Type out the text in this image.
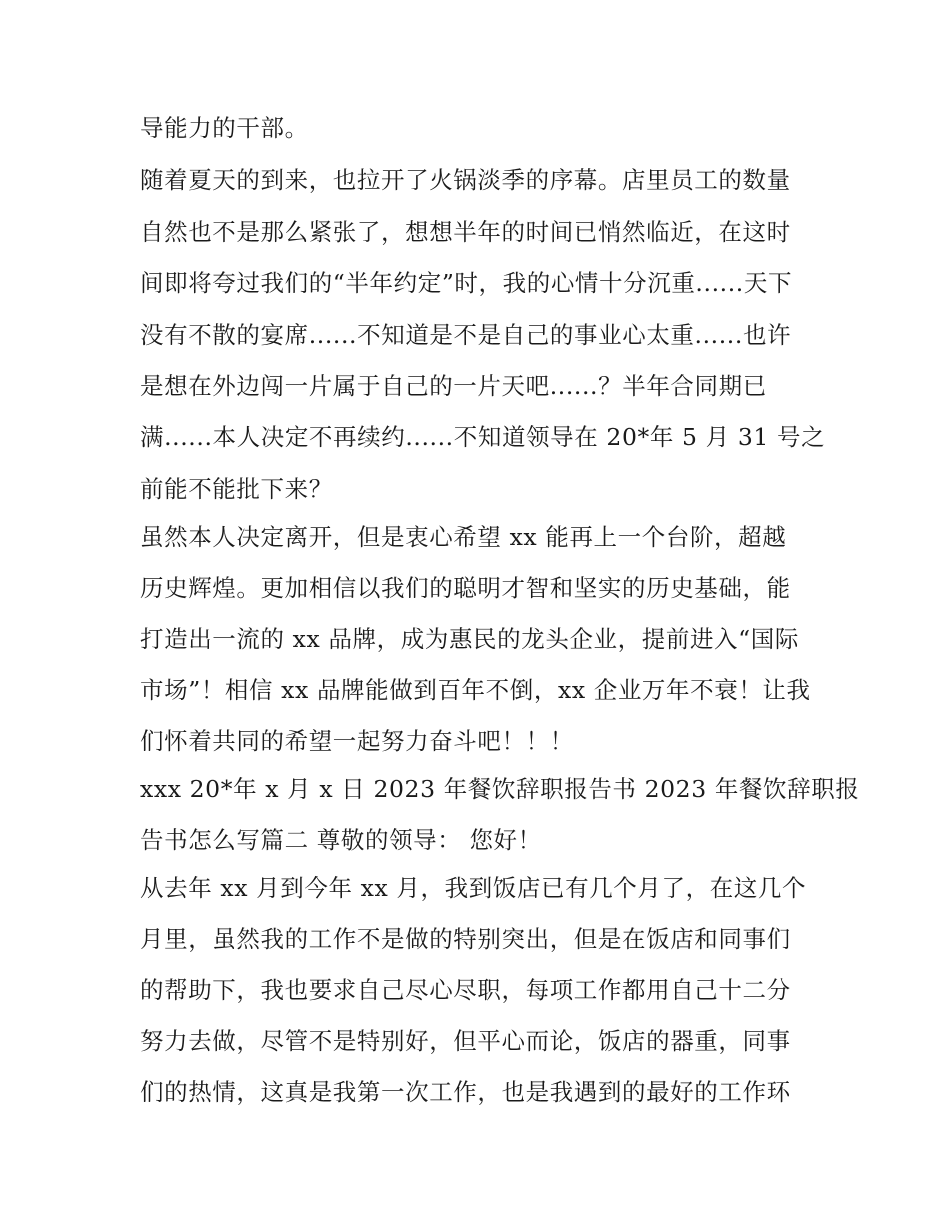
导能力的干部。
随着夏天的到来，也拉开了火锅淡季的序幕。店里员工的数量
自然也不是那么紧张了，想想半年的时间已悄然临近，在这时
间即将夸过我们的“半年约定”时，我的心情十分沉重......天下
没有不散的宴席......不知道是不是自己的事业心太重......也许
是想在外边闯一片属于自己的一片天吧......？半年合同期已
满......本人决定不再续约......不知道领导在 20*年 5 月 31 号之
前能不能批下来？
虽然本人决定离开，但是衷心希望 xx 能再上一个台阶，超越
历史辉煌。更加相信以我们的聪明才智和坚实的历史基础，能
打造出一流的 xx 品牌，成为惠民的龙头企业，提前进入“国际
市场”！相信 xx 品牌能做到百年不倒，xx 企业万年不衰！让我
们怀着共同的希望一起努力奋斗吧！！！
xxx 20*年 x 月 x 日 2023 年餐饮辞职报告书 2023 年餐饮辞职报
告书怎么写篇二 尊敬的领导： 您好！
从去年 xx 月到今年 xx 月，我到饭店已有几个月了，在这几个
月里，虽然我的工作不是做的特别突出，但是在饭店和同事们
的帮助下，我也要求自己尽心尽职，每项工作都用自己十二分
努力去做，尽管不是特别好，但平心而论，饭店的器重，同事
们的热情，这真是我第一次工作，也是我遇到的最好的工作环
